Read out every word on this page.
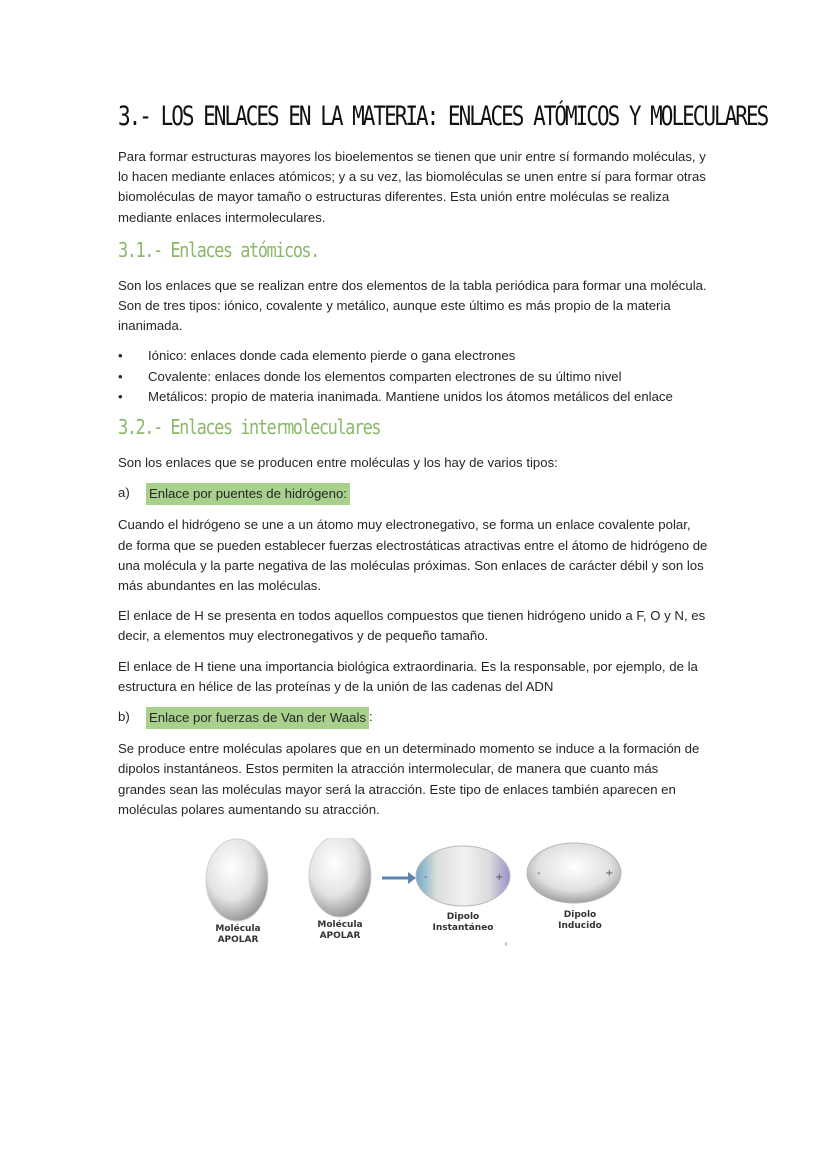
3.- LOS ENLACES EN LA MATERIA: ENLACES ATÓMICOS Y MOLECULARES

Para formar estructuras mayores los bioelementos se tienen que unir entre sí formando moléculas, y lo hacen mediante enlaces atómicos; y a su vez, las biomoléculas se unen entre sí para formar otras biomoléculas de mayor tamaño o estructuras diferentes. Esta unión entre moléculas se realiza mediante enlaces intermoleculares.

3.1.- Enlaces atómicos.

Son los enlaces que se realizan entre dos elementos de la tabla periódica para formar una molécula. Son de tres tipos: iónico, covalente y metálico, aunque este último es más propio de la materia inanimada.

• Iónico: enlaces donde cada elemento pierde o gana electrones
• Covalente: enlaces donde los elementos comparten electrones de su último nivel
• Metálicos: propio de materia inanimada. Mantiene unidos los átomos metálicos del enlace
3.2.- Enlaces intermoleculares

Son los enlaces que se producen entre moléculas y los hay de varios tipos:

a)	Enlace por puentes de hidrógeno:

Cuando el hidrógeno se une a un átomo muy electronegativo, se forma un enlace covalente polar, de forma que se pueden establecer fuerzas electrostáticas atractivas entre el átomo de hidrógeno de una molécula y la parte negativa de las moléculas próximas. Son enlaces de carácter débil y son los más abundantes en las moléculas.

El enlace de H se presenta en todos aquellos compuestos que tienen hidrógeno unido a F, O y N, es decir, a elementos muy electronegativos y de pequeño tamaño.

El enlace de H tiene una importancia biológica extraordinaria. Es la responsable, por ejemplo, de la estructura en hélice de las proteínas y de la unión de las cadenas del ADN

b)	Enlace por fuerzas de Van der Waals :

Se produce entre moléculas apolares que en un determinado momento se induce a la formación de dipolos instantáneos. Estos permiten la atracción intermolecular, de manera que cuanto más grandes sean las moléculas mayor será la atracción. Este tipo de enlaces también aparecen en moléculas polares aumentando su atracción.

-	+	-	+
Molécula
APOLAR
Molécula
APOLAR
Dipolo
Instantáneo
Dipolo
Inducido
